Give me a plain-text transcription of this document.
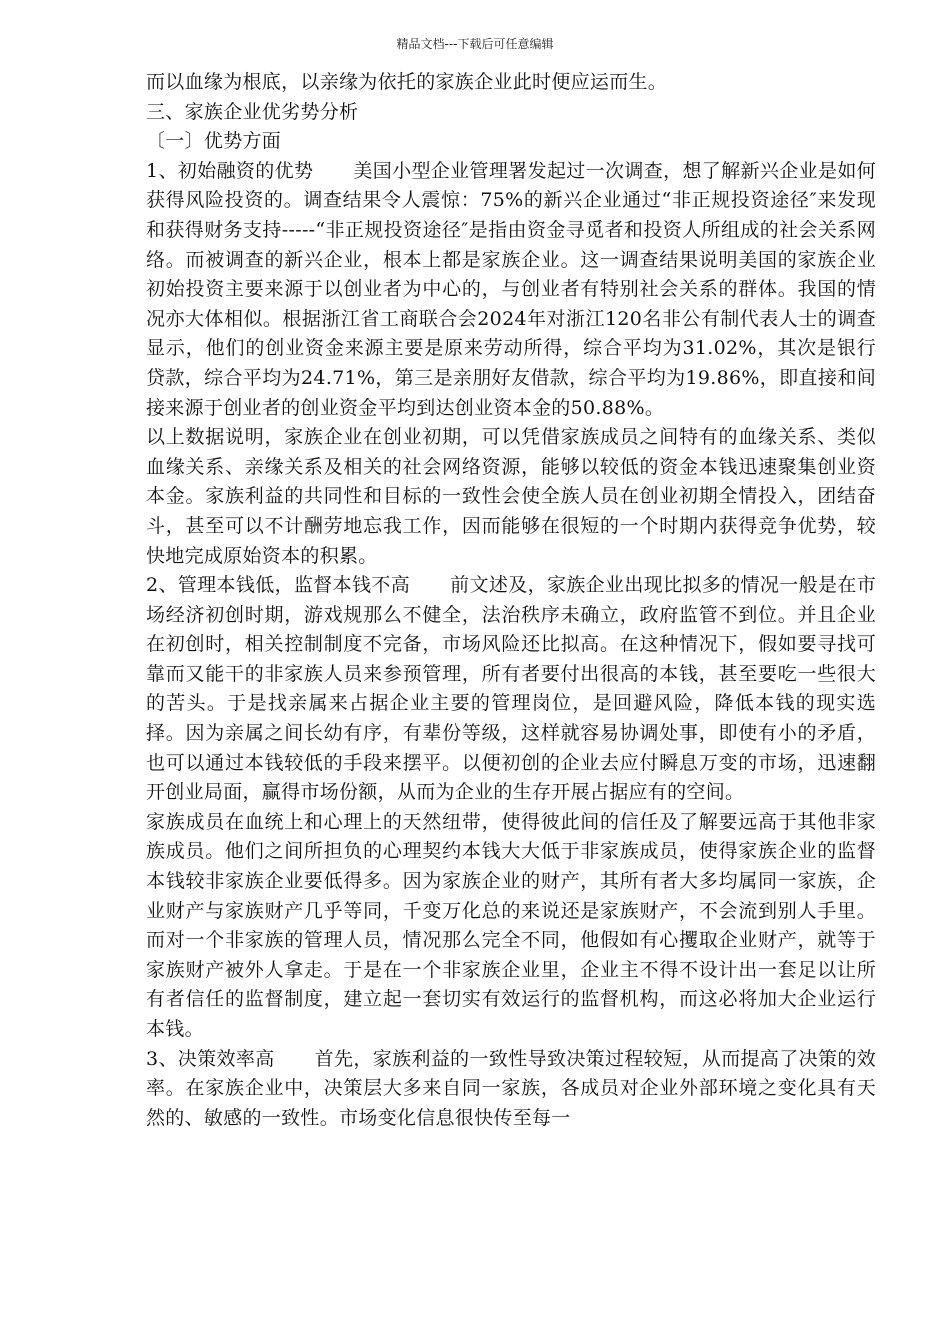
精品文档---下载后可任意编辑

而以血缘为根底，以亲缘为依托的家族企业此时便应运而生。

三、家族企业优劣势分析

〔一〕优势方面

1、初始融资的优势 美国小型企业管理署发起过一次调查，想了解新兴企业是如何获得风险投资的。调查结果令人震惊：75%的新兴企业通过“非正规投资途径″来发现和获得财务支持-----“非正规投资途径″是指由资金寻觅者和投资人所组成的社会关系网络。而被调查的新兴企业，根本上都是家族企业。这一调查结果说明美国的家族企业初始投资主要来源于以创业者为中心的，与创业者有特别社会关系的群体。我国的情况亦大体相似。根据浙江省工商联合会2024年对浙江120名非公有制代表人士的调查显示，他们的创业资金来源主要是原来劳动所得，综合平均为31.02%，其次是银行贷款，综合平均为24.71%，第三是亲朋好友借款，综合平均为19.86%，即直接和间接来源于创业者的创业资金平均到达创业资本金的50.88%。

以上数据说明，家族企业在创业初期，可以凭借家族成员之间特有的血缘关系、类似血缘关系、亲缘关系及相关的社会网络资源，能够以较低的资金本钱迅速聚集创业资本金。家族利益的共同性和目标的一致性会使全族人员在创业初期全情投入，团结奋斗，甚至可以不计酬劳地忘我工作，因而能够在很短的一个时期内获得竞争优势，较快地完成原始资本的积累。

2、管理本钱低，监督本钱不高 前文述及，家族企业出现比拟多的情况一般是在市场经济初创时期，游戏规那么不健全，法治秩序未确立，政府监管不到位。并且企业在初创时，相关控制制度不完备，市场风险还比拟高。在这种情况下，假如要寻找可靠而又能干的非家族人员来参预管理，所有者要付出很高的本钱，甚至要吃一些很大的苦头。于是找亲属来占据企业主要的管理岗位，是回避风险，降低本钱的现实选择。因为亲属之间长幼有序，有辈份等级，这样就容易协调处事，即使有小的矛盾，也可以通过本钱较低的手段来摆平。以便初创的企业去应付瞬息万变的市场，迅速翻开创业局面，赢得市场份额，从而为企业的生存开展占据应有的空间。

家族成员在血统上和心理上的天然纽带，使得彼此间的信任及了解要远高于其他非家族成员。他们之间所担负的心理契约本钱大大低于非家族成员，使得家族企业的监督本钱较非家族企业要低得多。因为家族企业的财产，其所有者大多均属同一家族，企业财产与家族财产几乎等同，千变万化总的来说还是家族财产，不会流到别人手里。而对一个非家族的管理人员，情况那么完全不同，他假如有心攫取企业财产，就等于家族财产被外人拿走。于是在一个非家族企业里，企业主不得不设计出一套足以让所有者信任的监督制度，建立起一套切实有效运行的监督机构，而这必将加大企业运行本钱。

3、决策效率高 首先，家族利益的一致性导致决策过程较短，从而提高了决策的效率。在家族企业中，决策层大多来自同一家族，各成员对企业外部环境之变化具有天然的、敏感的一致性。市场变化信息很快传至每一
